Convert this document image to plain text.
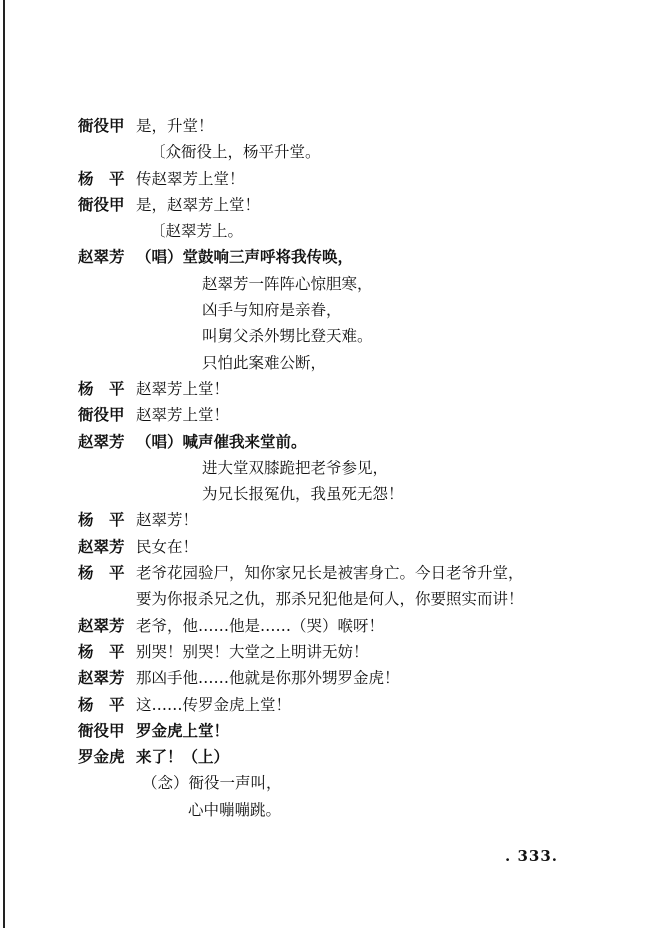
衙役甲 是，升堂！
〔众衙役上，杨平升堂。
杨　平 传赵翠芳上堂！
衙役甲 是，赵翠芳上堂！
〔赵翠芳上。
赵翠芳 （唱）堂鼓响三声呼将我传唤，
赵翠芳一阵阵心惊胆寒，
凶手与知府是亲眷，
叫舅父杀外甥比登天难。
只怕此案难公断，
杨　平 赵翠芳上堂！
衙役甲 赵翠芳上堂！
赵翠芳 （唱）喊声催我来堂前。
进大堂双膝跪把老爷参见，
为兄长报冤仇，我虽死无怨！
杨　平 赵翠芳！
赵翠芳 民女在！
杨　平 老爷花园验尸，知你家兄长是被害身亡。今日老爷升堂，
要为你报杀兄之仇，那杀兄犯他是何人，你要照实而讲！
赵翠芳 老爷，他……他是……（哭）喉呀！
杨　平 别哭！别哭！大堂之上明讲无妨！
赵翠芳 那凶手他……他就是你那外甥罗金虎！
杨　平 这……传罗金虎上堂！
衙役甲 罗金虎上堂！
罗金虎 来了！（上）
（念）衙役一声叫，
心中嘣嘣跳。
. 333.
